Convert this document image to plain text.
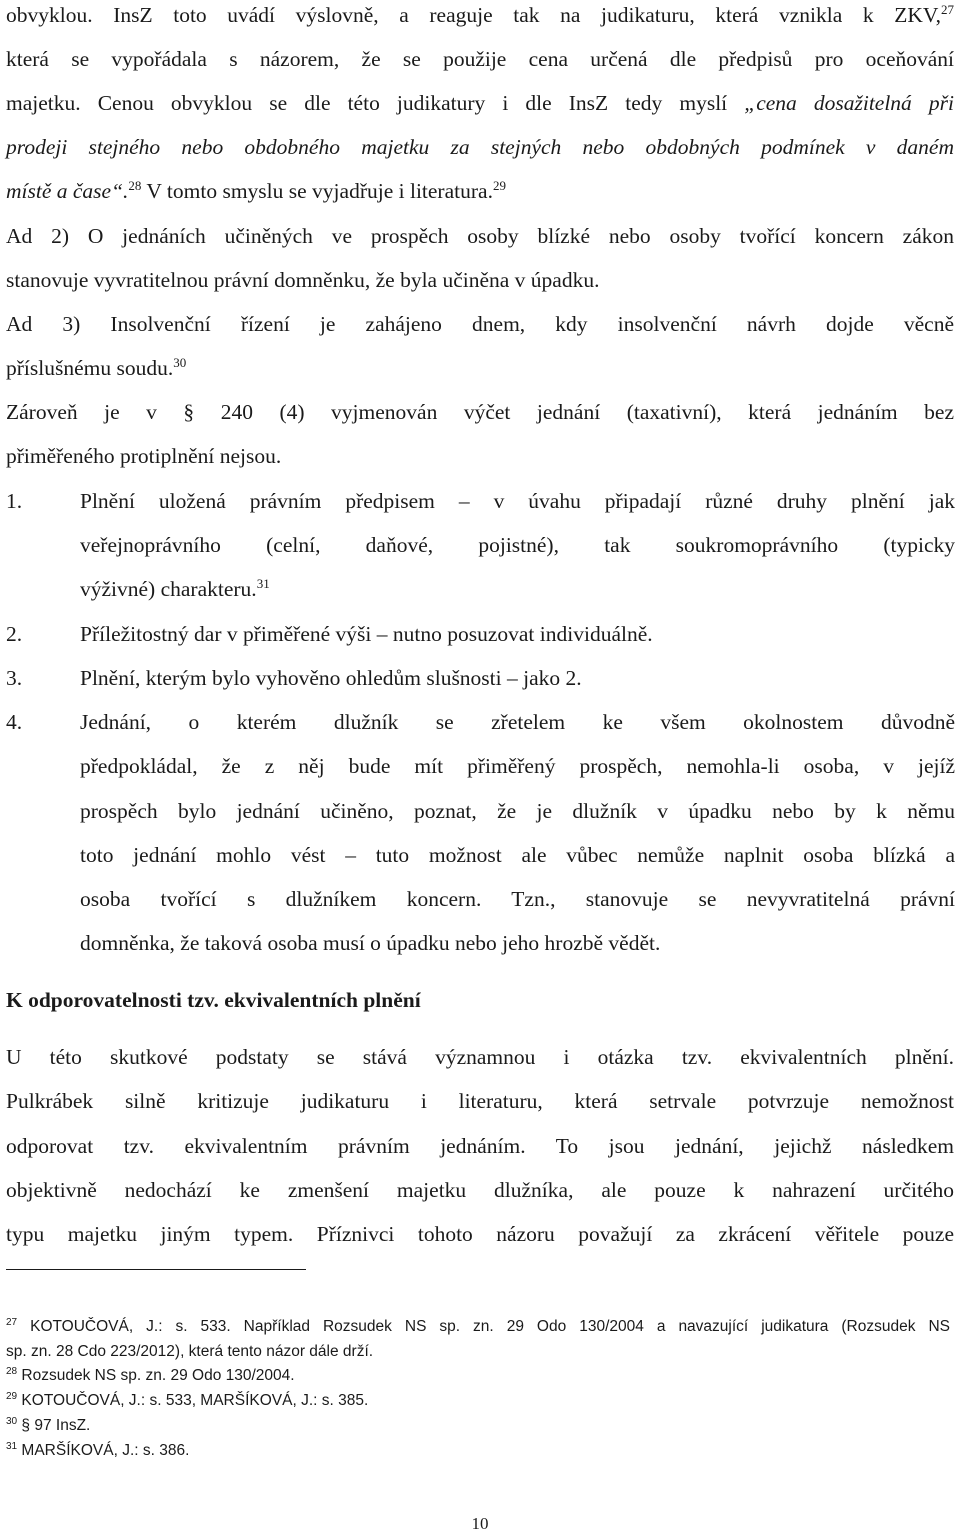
obvyklou. InsZ toto uvádí výslovně, a reaguje tak na judikaturu, která vznikla k ZKV,$^{27}$
která se vypořádala s názorem, že se použije cena určená dle předpisů pro oceňování
majetku. Cenou obvyklou se dle této judikatury i dle InsZ tedy myslí „cena dosažitelná při
prodeji stejného nebo obdobného majetku za stejných nebo obdobných podmínek v daném
místě a čase“.$^{28}$ V tomto smyslu se vyjadřuje i literatura.$^{29}$
Ad 2) O jednáních učiněných ve prospěch osoby blízké nebo osoby tvořící koncern zákon
stanovuje vyvratitelnou právní domněnku, že byla učiněna v úpadku.
Ad 3) Insolvenční řízení je zahájeno dnem, kdy insolvenční návrh dojde věcně
příslušnému soudu.$^{30}$
Zároveň je v § 240 (4) vyjmenován výčet jednání (taxativní), která jednáním bez
přiměřeného protiplnění nejsou.
1.	Plnění uložená právním předpisem – v úvahu připadají různé druhy plnění jak
veřejnoprávního (celní, daňové, pojistné), tak soukromoprávního (typicky
výživné) charakteru.$^{31}$
2.	Příležitostný dar v přiměřené výši – nutno posuzovat individuálně.
3.	Plnění, kterým bylo vyhověno ohledům slušnosti – jako 2.
4.	Jednání, o kterém dlužník se zřetelem ke všem okolnostem důvodně
předpokládal, že z něj bude mít přiměřený prospěch, nemohla-li osoba, v jejíž
prospěch bylo jednání učiněno, poznat, že je dlužník v úpadku nebo by k němu
toto jednání mohlo vést – tuto možnost ale vůbec nemůže naplnit osoba blízká a
osoba tvořící s dlužníkem koncern. Tzn., stanovuje se nevyvratitelná právní
domněnka, že taková osoba musí o úpadku nebo jeho hrozbě vědět.
K odporovatelnosti tzv. ekvivalentních plnění
U této skutkové podstaty se stává významnou i otázka tzv. ekvivalentních plnění.
Pulkrábek silně kritizuje judikaturu i literaturu, která setrvale potvrzuje nemožnost
odporovat tzv. ekvivalentním právním jednáním. To jsou jednání, jejichž následkem
objektivně nedochází ke zmenšení majetku dlužníka, ale pouze k nahrazení určitého
typu majetku jiným typem. Příznivci tohoto názoru považují za zkrácení věřitele pouze
$^{27}$ KOTOUČOVÁ, J.: s. 533. Například Rozsudek NS sp. zn. 29 Odo 130/2004 a navazující judikatura (Rozsudek NS
sp. zn. 28 Cdo 223/2012), která tento názor dále drží.
$^{28}$ Rozsudek NS sp. zn. 29 Odo 130/2004.
$^{29}$ KOTOUČOVÁ, J.: s. 533, MARŠÍKOVÁ, J.: s. 385.
$^{30}$ § 97 InsZ.
$^{31}$ MARŠÍKOVÁ, J.: s. 386.
10
